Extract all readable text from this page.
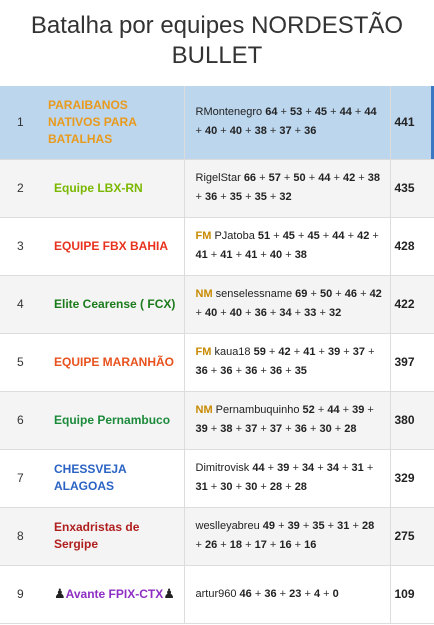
Batalha por equipes NORDESTÃO BULLET
1	PARAIBANOS NATIVOS PARA BATALHAS	RMontenegro 64 + 53 + 45 + 44 + 44 + 40 + 40 + 38 + 37 + 36	441
2	Equipe LBX-RN	RigelStar 66 + 57 + 50 + 44 + 42 + 38 + 36 + 35 + 35 + 32	435
3	EQUIPE FBX BAHIA	FM PJatoba 51 + 45 + 45 + 44 + 42 + 41 + 41 + 41 + 40 + 38	428
4	Elite Cearense ( FCX)	NM senselessname 69 + 50 + 46 + 42 + 40 + 40 + 36 + 34 + 33 + 32	422
5	EQUIPE MARANHÃO	FM kaua18 59 + 42 + 41 + 39 + 37 + 36 + 36 + 36 + 36 + 35	397
6	Equipe Pernambuco	NM Pernambuquinho 52 + 44 + 39 + 39 + 38 + 37 + 37 + 36 + 30 + 28	380
7	CHESSVEJA ALAGOAS	Dimitrovisk 44 + 39 + 34 + 34 + 31 + 31 + 30 + 30 + 28 + 28	329
8	Enxadristas de Sergipe	weslleyabreu 49 + 39 + 35 + 31 + 28 + 26 + 18 + 17 + 16 + 16	275
9	♟Avante FPIX-CTX♟	artur960 46 + 36 + 23 + 4 + 0	109
